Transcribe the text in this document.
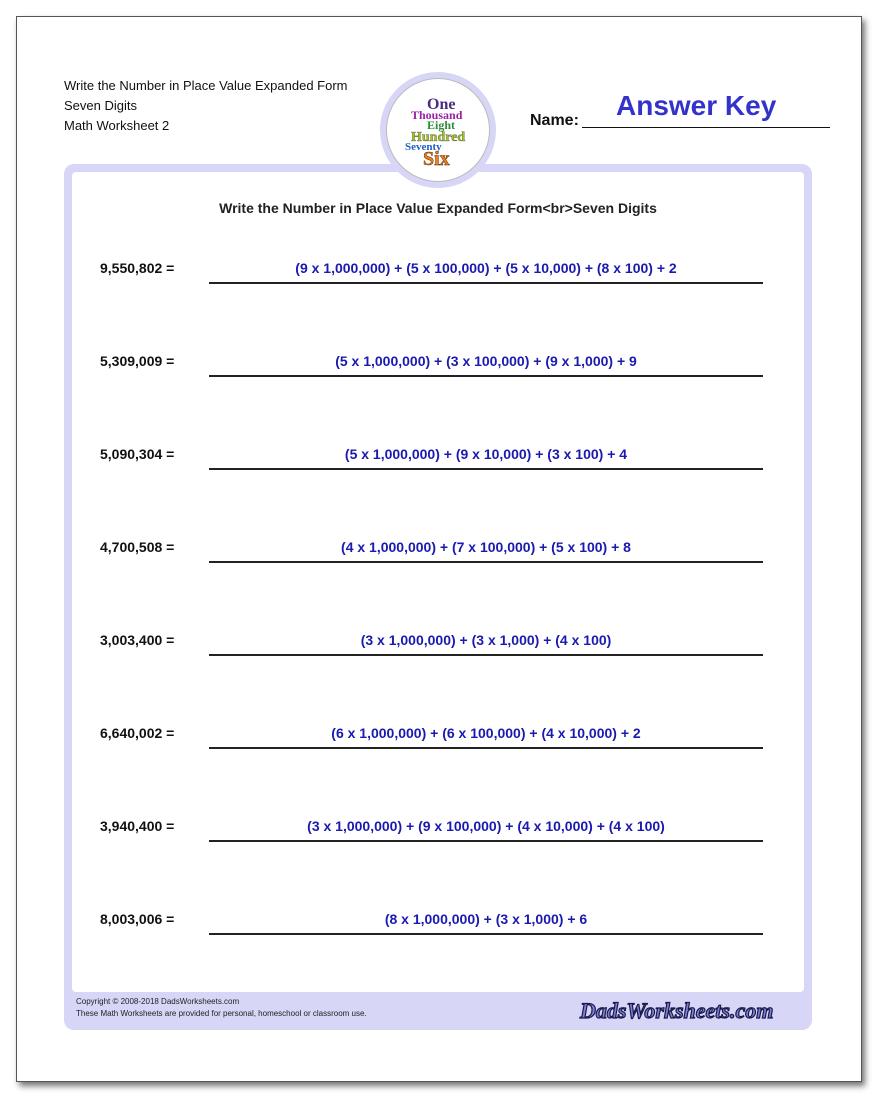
Write the Number in Place Value Expanded Form
Seven Digits
Math Worksheet 2
One
Thousand
Eight
Hundred
Seventy
Six
Name: Answer Key
Write the Number in Place Value Expanded Form<br>Seven Digits
9,550,802 =	(9 x 1,000,000) + (5 x 100,000) + (5 x 10,000) + (8 x 100) + 2
5,309,009 =	(5 x 1,000,000) + (3 x 100,000) + (9 x 1,000) + 9
5,090,304 =	(5 x 1,000,000) + (9 x 10,000) + (3 x 100) + 4
4,700,508 =	(4 x 1,000,000) + (7 x 100,000) + (5 x 100) + 8
3,003,400 =	(3 x 1,000,000) + (3 x 1,000) + (4 x 100)
6,640,002 =	(6 x 1,000,000) + (6 x 100,000) + (4 x 10,000) + 2
3,940,400 =	(3 x 1,000,000) + (9 x 100,000) + (4 x 10,000) + (4 x 100)
8,003,006 =	(8 x 1,000,000) + (3 x 1,000) + 6
Copyright © 2008-2018 DadsWorksheets.com
These Math Worksheets are provided for personal, homeschool or classroom use.	DadsWorksheets.com
